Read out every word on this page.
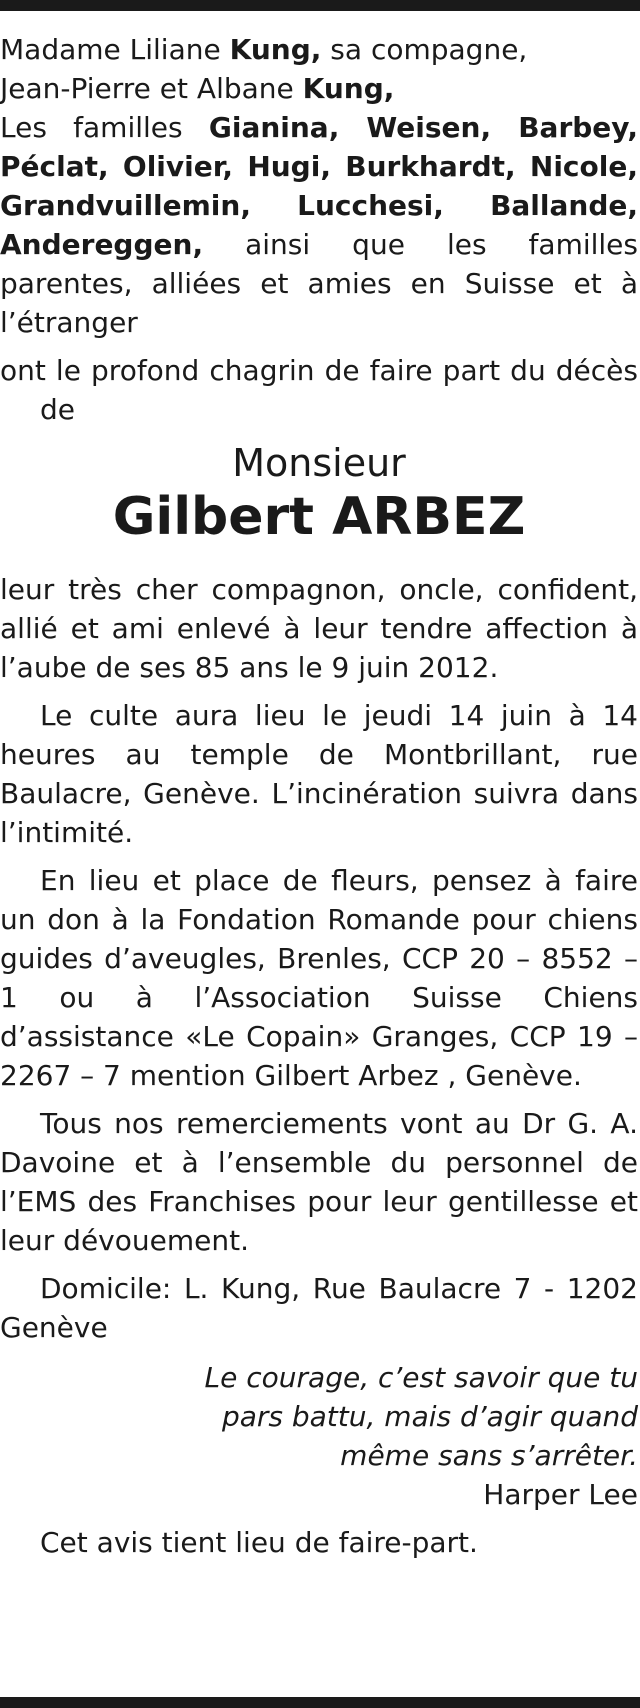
Madame Liliane Kung, sa compagne,

Jean-Pierre et Albane Kung,

Les familles Gianina, Weisen, Barbey, Péclat, Olivier, Hugi, Burkhardt, Nicole, Grandvuillemin, Lucchesi, Ballande, Andereggen, ainsi que les familles parentes, alliées et amies en Suisse et à l’étranger

ont le profond chagrin de faire part du décès de

Monsieur

Gilbert ARBEZ

leur très cher compagnon, oncle, confident, allié et ami enlevé à leur tendre affection à l’aube de ses 85 ans le 9 juin 2012.

Le culte aura lieu le jeudi 14 juin à 14 heures au temple de Montbrillant, rue Baulacre, Genève. L’incinération suivra dans l’intimité.

En lieu et place de fleurs, pensez à faire un don à la Fondation Romande pour chiens guides d’aveugles, Brenles, CCP 20 – 8552 – 1 ou à l’Association Suisse Chiens d’assistance «Le Copain» Granges, CCP 19 – 2267 – 7 mention Gilbert Arbez , Genève.

Tous nos remerciements vont au Dr G. A. Davoine et à l’ensemble du personnel de l’EMS des Franchises pour leur gentillesse et leur dévouement.

Domicile: L. Kung, Rue Baulacre 7 - 1202 Genève

Le courage, c’est savoir que tu pars battu, mais d’agir quand même sans s’arrêter.

Harper Lee

Cet avis tient lieu de faire-part.
